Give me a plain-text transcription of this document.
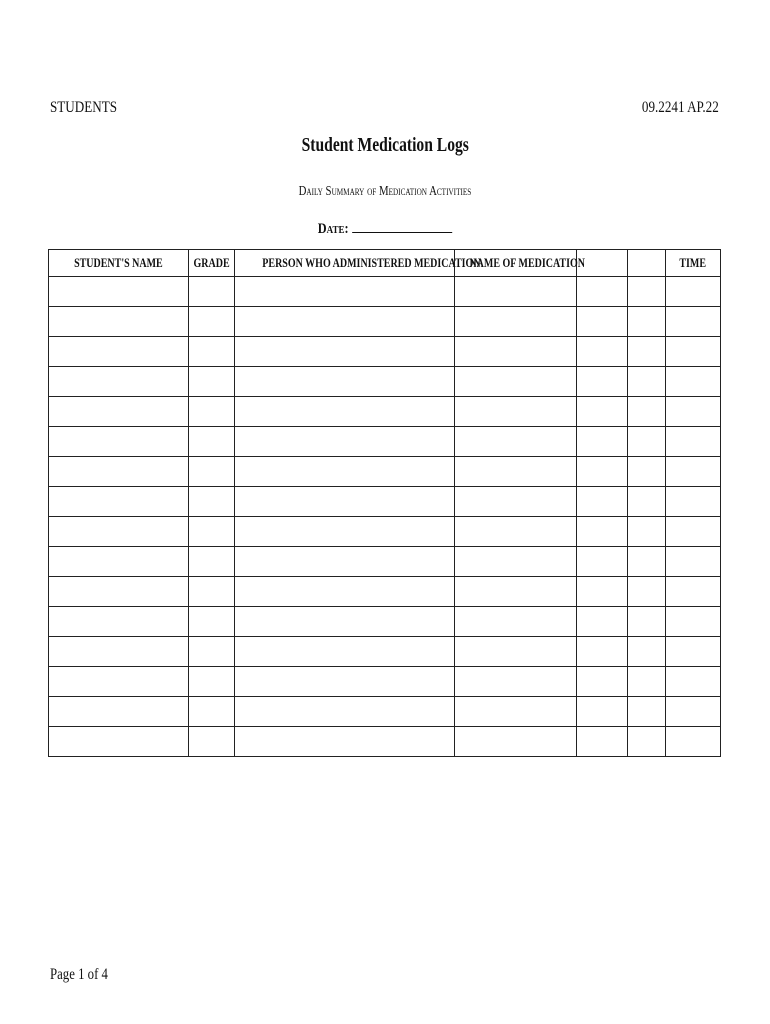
STUDENTS	09.2241 AP.22
Student Medication Logs
Daily Summary of Medication Activities
Date:
STUDENT'S NAME	GRADE	PERSON WHO ADMINISTERED MEDICATION	NAME OF MEDICATION			TIME

Page 1 of 4
